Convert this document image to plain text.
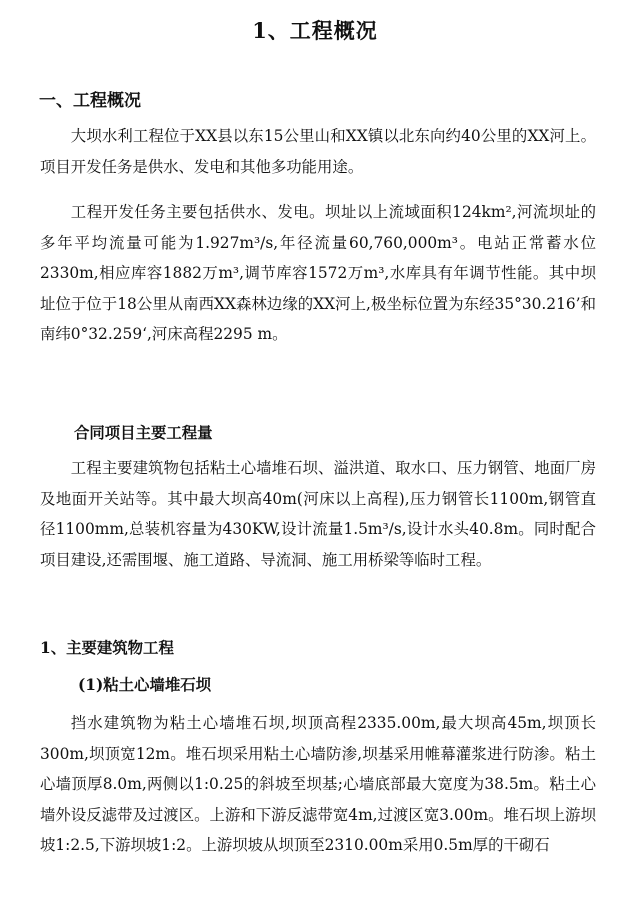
1、工程概况
一、工程概况

大坝水利工程位于XX县以东15公里山和XX镇以北东向约40公里的XX河上。项目开发任务是供水、发电和其他多功能用途。

工程开发任务主要包括供水、发电。坝址以上流域面积124km²,河流坝址的多年平均流量可能为1.927m³/s,年径流量60,760,000m³。电站正常蓄水位2330m,相应库容1882万m³,调节库容1572万m³,水库具有年调节性能。其中坝址位于位于18公里从南西XX森林边缘的XX河上,极坐标位置为东经35°30.216’和南纬0°32.259‘,河床高程2295 m。

合同项目主要工程量

工程主要建筑物包括粘土心墙堆石坝、溢洪道、取水口、压力钢管、地面厂房及地面开关站等。其中最大坝高40m(河床以上高程),压力钢管长1100m,钢管直径1100mm,总装机容量为430KW,设计流量1.5m³/s,设计水头40.8m。同时配合项目建设,还需围堰、施工道路、导流洞、施工用桥梁等临时工程。

1、主要建筑物工程
(1)粘土心墙堆石坝

挡水建筑物为粘土心墙堆石坝,坝顶高程2335.00m,最大坝高45m,坝顶长300m,坝顶宽12m。堆石坝采用粘土心墙防渗,坝基采用帷幕灌浆进行防渗。粘土心墙顶厚8.0m,两侧以1:0.25的斜坡至坝基;心墙底部最大宽度为38.5m。粘土心墙外设反滤带及过渡区。上游和下游反滤带宽4m,过渡区宽3.00m。堆石坝上游坝坡1:2.5,下游坝坡1:2。上游坝坡从坝顶至2310.00m采用0.5m厚的干砌石
